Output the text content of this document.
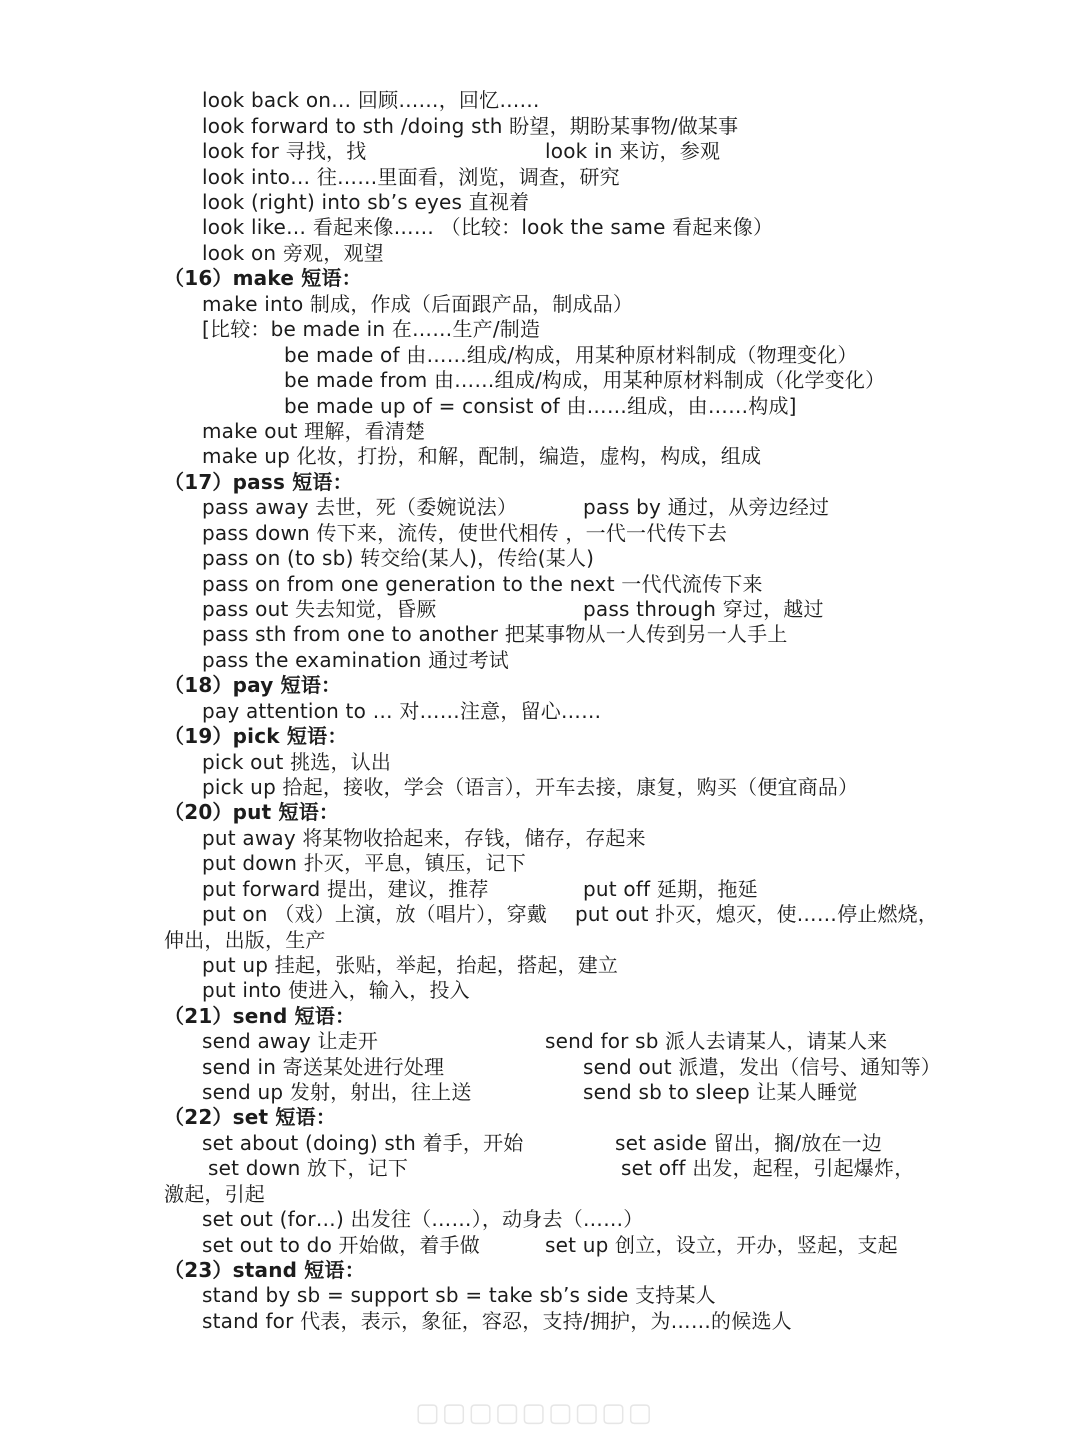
look back on… 回顾……，回忆……
look forward to sth /doing sth 盼望，期盼某事物/做某事
look for 寻找，找	look in 来访，参观
look into… 往……里面看，浏览，调查，研究
look (right) into sb’s eyes 直视着
look like… 看起来像…… （比较：look the same 看起来像）
look on 旁观，观望
（16）make 短语：
make into 制成，作成（后面跟产品，制成品）
[比较：be made in 在……生产/制造
be made of 由……组成/构成，用某种原材料制成（物理变化）
be made from 由……组成/构成，用某种原材料制成（化学变化）
be made up of = consist of 由……组成，由……构成]
make out 理解，看清楚
make up 化妆，打扮，和解，配制，编造，虚构，构成，组成
（17）pass 短语：
pass away 去世，死（委婉说法）	pass by 通过，从旁边经过
pass down 传下来，流传，使世代相传 ，一代一代传下去
pass on (to sb) 转交给(某人)，传给(某人)
pass on from one generation to the next 一代代流传下来
pass out 失去知觉，昏厥	pass through 穿过，越过
pass sth from one to another 把某事物从一人传到另一人手上
pass the examination 通过考试
（18）pay 短语：
pay attention to … 对……注意，留心……
（19）pick 短语：
pick out 挑选，认出
pick up 拾起，接收，学会（语言），开车去接，康复，购买（便宜商品）
（20）put 短语：
put away 将某物收拾起来，存钱，储存，存起来
put down 扑灭，平息，镇压，记下
put forward 提出，建议，推荐	put off 延期，拖延
put on （戏）上演，放（唱片），穿戴 put out 扑灭，熄灭，使……停止燃烧，
伸出，出版，生产
put up 挂起，张贴，举起，抬起，搭起，建立
put into 使进入，输入，投入
（21）send 短语：
send away 让走开	send for sb 派人去请某人，请某人来
send in 寄送某处进行处理	send out 派遣，发出（信号、通知等）
send up 发射，射出，往上送	send sb to sleep 让某人睡觉
（22）set 短语：
set about (doing) sth 着手，开始	set aside 留出，搁/放在一边
set down 放下，记下	set off 出发，起程，引起爆炸，
激起，引起
set out (for…) 出发往（……），动身去（……）
set out to do 开始做，着手做	set up 创立，设立，开办，竖起，支起
（23）stand 短语：
stand by sb = support sb = take sb’s side 支持某人
stand for 代表，表示，象征，容忍，支持/拥护，为……的候选人
▢▢▢▢▢▢▢▢▢
